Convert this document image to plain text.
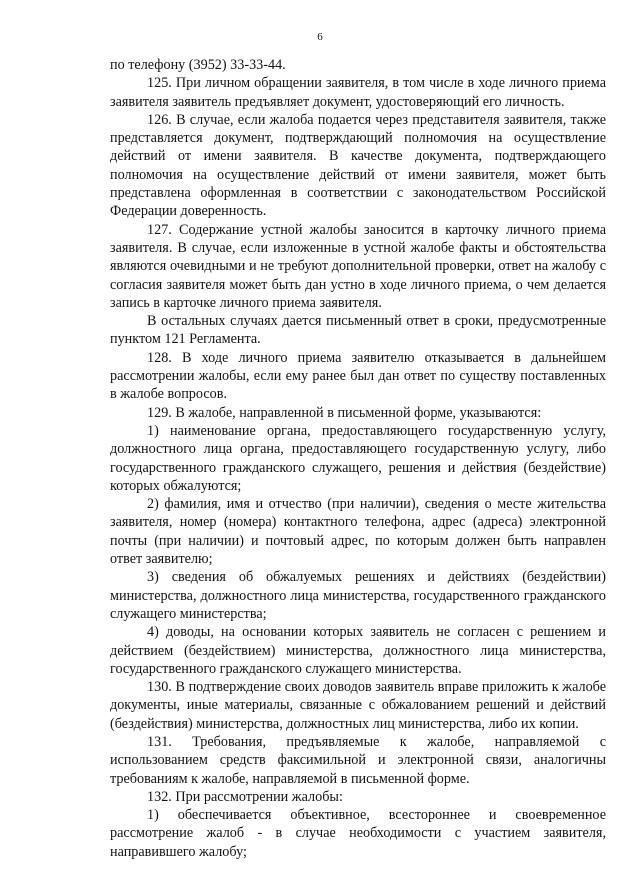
6

по телефону (3952) 33-33-44.

125. При личном обращении заявителя, в том числе в ходе личного приема заявителя заявитель предъявляет документ, удостоверяющий его личность.

126. В случае, если жалоба подается через представителя заявителя, также представляется документ, подтверждающий полномочия на осуществление действий от имени заявителя. В качестве документа, подтверждающего полномочия на осуществление действий от имени заявителя, может быть представлена оформленная в соответствии с законодательством Российской Федерации доверенность.

127. Содержание устной жалобы заносится в карточку личного приема заявителя. В случае, если изложенные в устной жалобе факты и обстоятельства являются очевидными и не требуют дополнительной проверки, ответ на жалобу с согласия заявителя может быть дан устно в ходе личного приема, о чем делается запись в карточке личного приема заявителя.

В остальных случаях дается письменный ответ в сроки, предусмотренные пунктом 121 Регламента.

128. В ходе личного приема заявителю отказывается в дальнейшем рассмотрении жалобы, если ему ранее был дан ответ по существу поставленных в жалобе вопросов.

129. В жалобе, направленной в письменной форме, указываются:

1) наименование органа, предоставляющего государственную услугу, должностного лица органа, предоставляющего государственную услугу, либо государственного гражданского служащего, решения и действия (бездействие) которых обжалуются;

2) фамилия, имя и отчество (при наличии), сведения о месте жительства заявителя, номер (номера) контактного телефона, адрес (адреса) электронной почты (при наличии) и почтовый адрес, по которым должен быть направлен ответ заявителю;

3) сведения об обжалуемых решениях и действиях (бездействии) министерства, должностного лица министерства, государственного гражданского служащего министерства;

4) доводы, на основании которых заявитель не согласен с решением и действием (бездействием) министерства, должностного лица министерства, государственного гражданского служащего министерства.

130. В подтверждение своих доводов заявитель вправе приложить к жалобе документы, иные материалы, связанные с обжалованием решений и действий (бездействия) министерства, должностных лиц министерства, либо их копии.

131. Требования, предъявляемые к жалобе, направляемой с использованием средств факсимильной и электронной связи, аналогичны требованиям к жалобе, направляемой в письменной форме.

132. При рассмотрении жалобы:

1) обеспечивается объективное, всестороннее и своевременное рассмотрение жалоб - в случае необходимости с участием заявителя, направившего жалобу;
